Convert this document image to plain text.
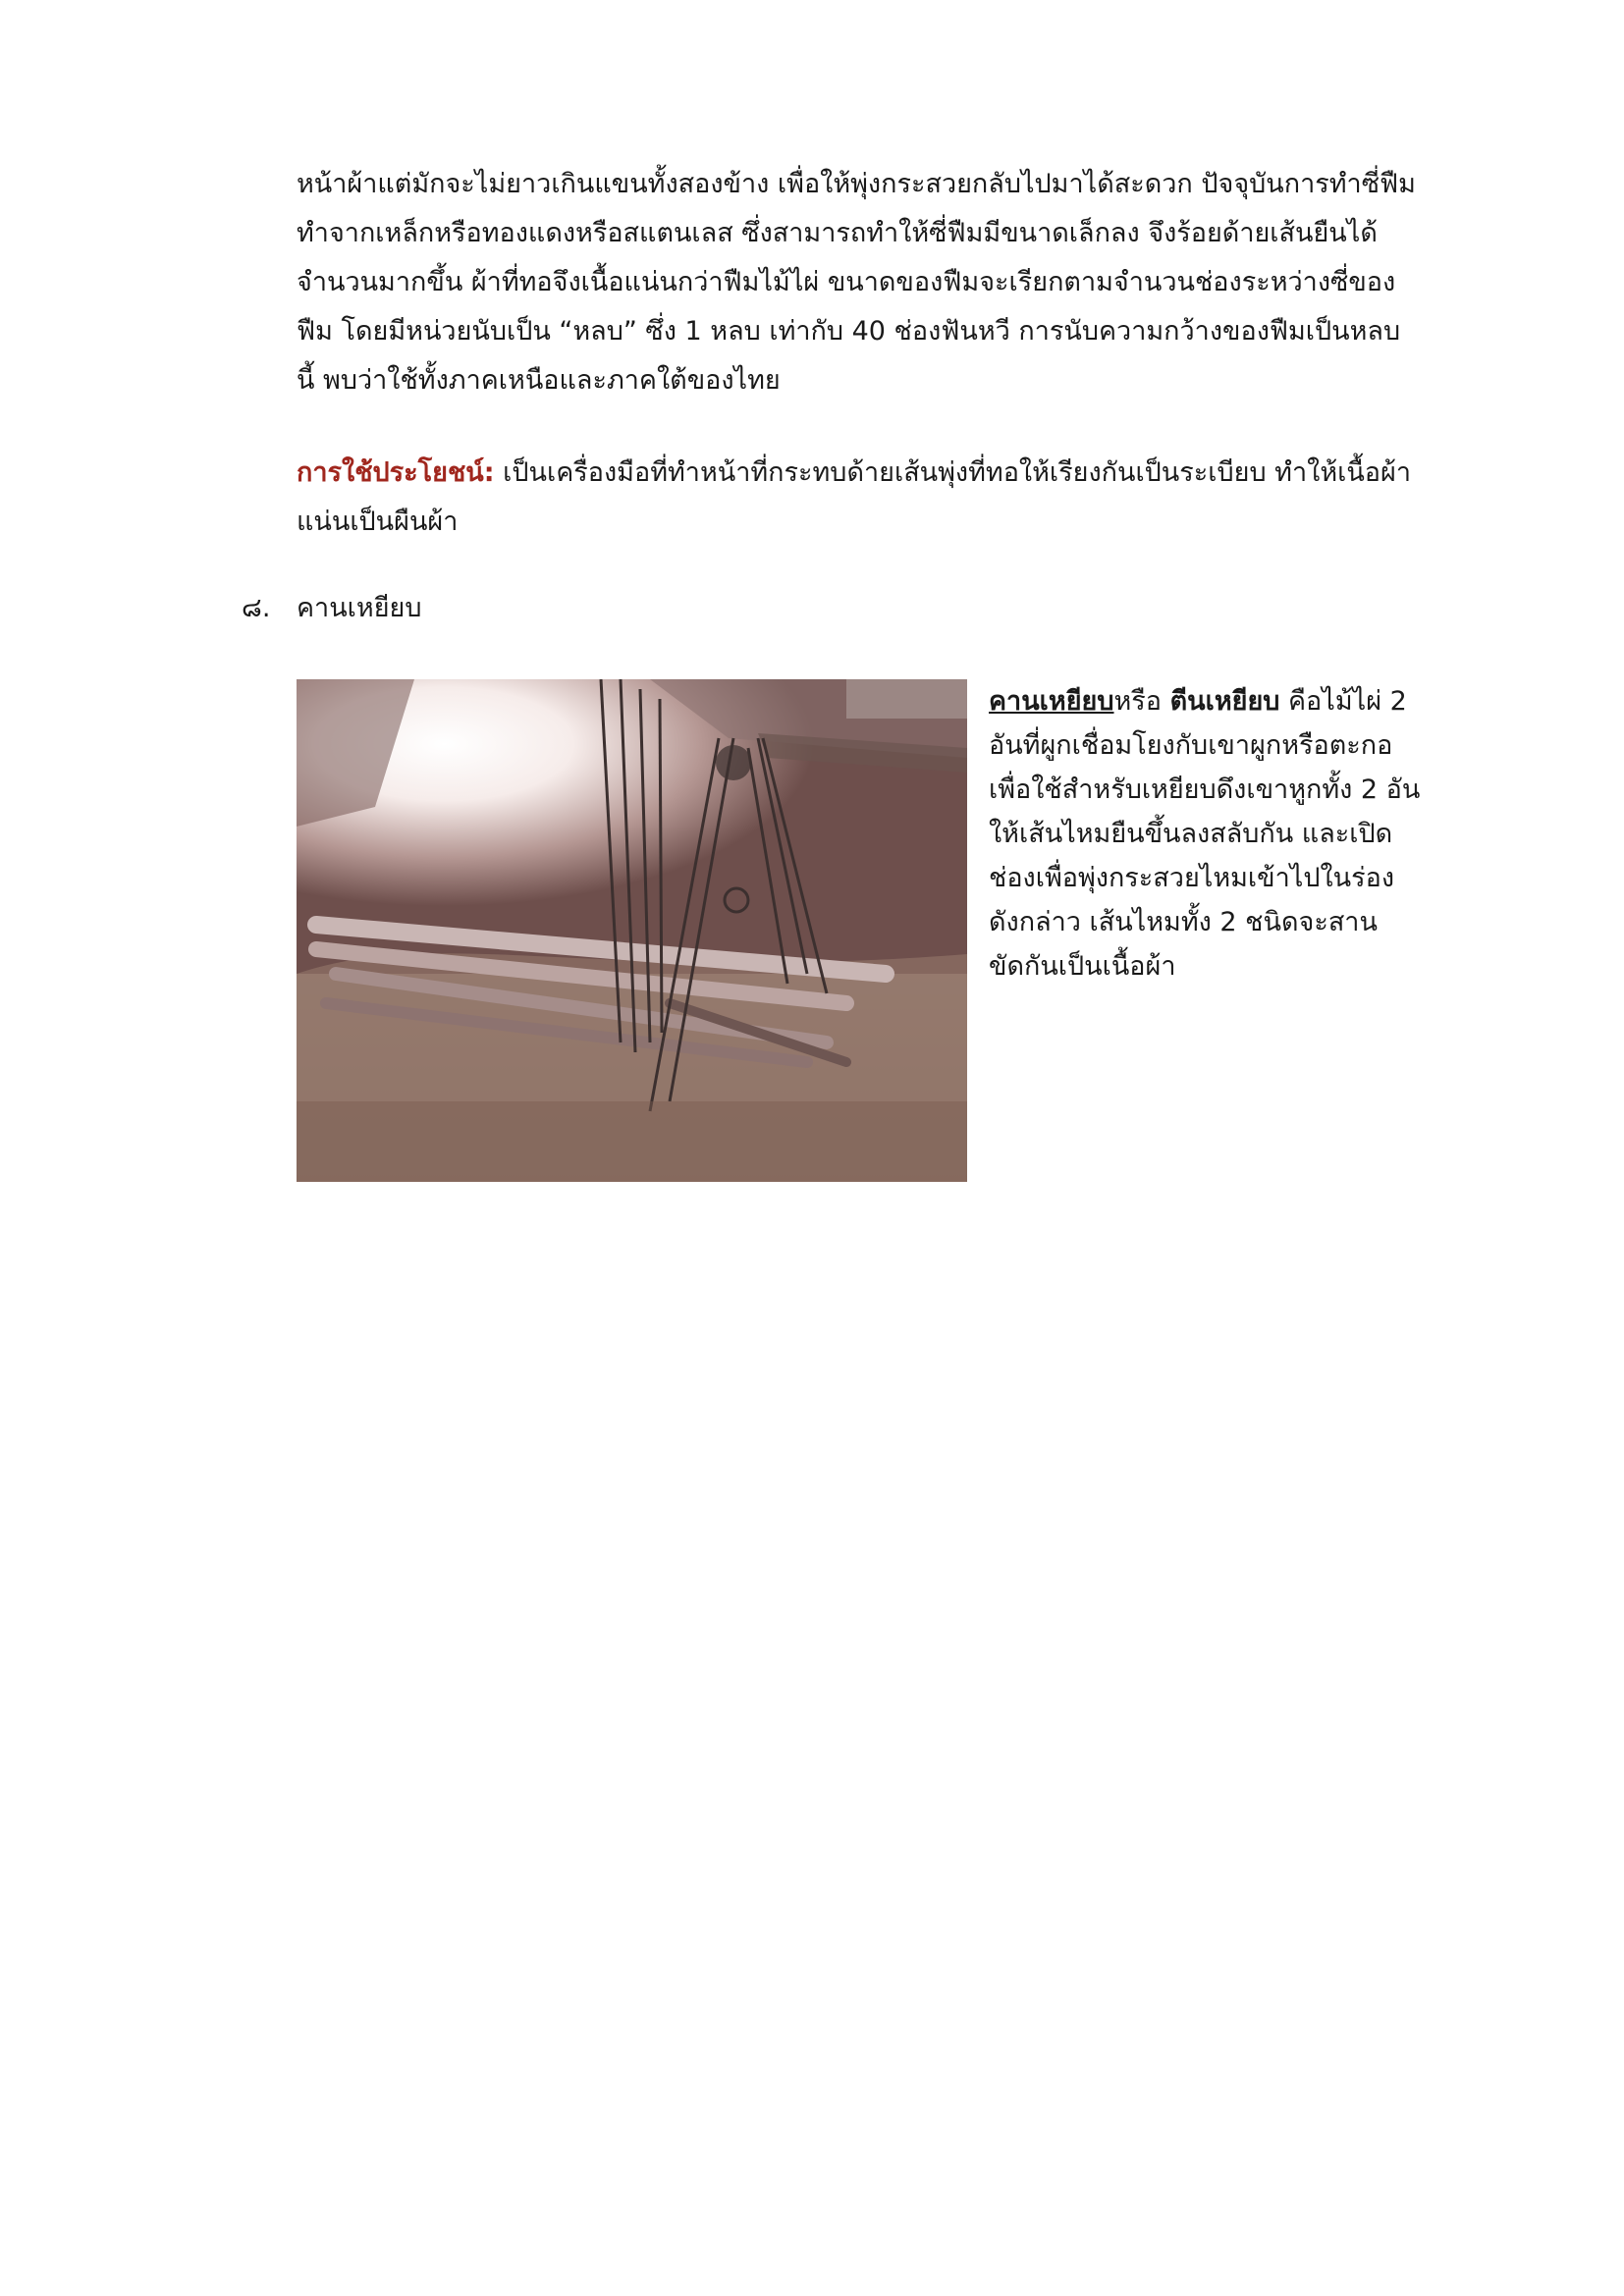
หน้าผ้าแต่มักจะไม่ยาวเกินแขนทั้งสองข้าง เพื่อให้พุ่งกระสวยกลับไปมาได้สะดวก ปัจจุบันการทำซี่ฟืม
ทำจากเหล็กหรือทองแดงหรือสแตนเลส ซึ่งสามารถทำให้ซี่ฟืมมีขนาดเล็กลง จึงร้อยด้ายเส้นยืนได้
จำนวนมากขึ้น ผ้าที่ทอจึงเนื้อแน่นกว่าฟืมไม้ไผ่ ขนาดของฟืมจะเรียกตามจำนวนช่องระหว่างซี่ของ
ฟืม โดยมีหน่วยนับเป็น “หลบ” ซึ่ง 1 หลบ เท่ากับ 40 ช่องฟันหวี การนับความกว้างของฟืมเป็นหลบ
นี้ พบว่าใช้ทั้งภาคเหนือและภาคใต้ของไทย
การใช้ประโยชน์: เป็นเครื่องมือที่ทำหน้าที่กระทบด้ายเส้นพุ่งที่ทอให้เรียงกันเป็นระเบียบ ทำให้เนื้อผ้า
แน่นเป็นผืนผ้า
๘. คานเหยียบ
คานเหยียบหรือ ตีนเหยียบ คือไม้ไผ่ 2
อันที่ผูกเชื่อมโยงกับเขาผูกหรือตะกอ
เพื่อใช้สำหรับเหยียบดึงเขาหูกทั้ง 2 อัน
ให้เส้นไหมยืนขึ้นลงสลับกัน และเปิด
ช่องเพื่อพุ่งกระสวยไหมเข้าไปในร่อง
ดังกล่าว เส้นไหมทั้ง 2 ชนิดจะสาน
ขัดกันเป็นเนื้อผ้า
